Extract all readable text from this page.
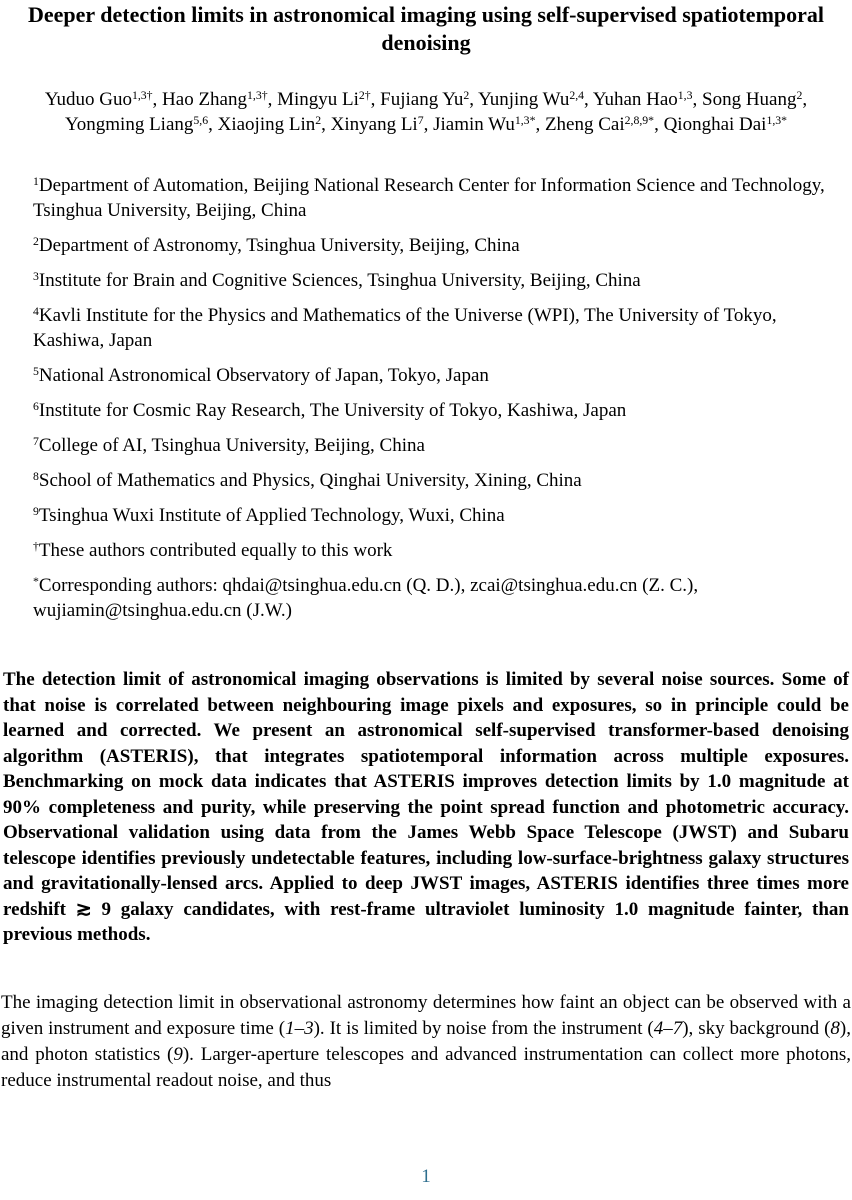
Deeper detection limits in astronomical imaging using self-supervised spatiotemporal denoising

Yuduo Guo$^{1,3\dagger}$, Hao Zhang$^{1,3\dagger}$, Mingyu $Li^{2\dagger}$, Fujiang Yu$^2$, Yunjing Wu$^{2,4}$, Yuhan Hao$^{1,3}$, Song Huang$^2$, Yongming Liang$^{5,6}$, Xiaojing Lin$^2$, Xinyang Li$^7$, Jiamin $Wu^{1,3*}$, Zheng Cai$^{2,8,9*}$, Qionghai Dai$^{1,3*}$

$^1$Department of Automation, Beijing National Research Center for Information Science and Technology, Tsinghua University, Beijing, China

$^2$Department of Astronomy, Tsinghua University, Beijing, China

$^3$Institute for Brain and Cognitive Sciences, Tsinghua University, Beijing, China

$^4$Kavli Institute for the Physics and Mathematics of the Universe (WPI), The University of Tokyo, Kashiwa, Japan

$^5$National Astronomical Observatory of Japan, Tokyo, Japan

$^6$Institute for Cosmic Ray Research, The University of Tokyo, Kashiwa, Japan

$^7$College of AI, Tsinghua University, Beijing, China

$^8$School of Mathematics and Physics, Qinghai University, Xining, China

$^9$Tsinghua Wuxi Institute of Applied Technology, Wuxi, China

†These authors contributed equally to this work

*Corresponding authors: qhdai@tsinghua.edu.cn (Q. D.), zcai@tsinghua.edu.cn (Z. C.), wujiamin@tsinghua.edu.cn (J.W.)

The detection limit of astronomical imaging observations is limited by several noise sources. Some of that noise is correlated between neighbouring image pixels and exposures, so in principle could be learned and corrected. We present an astronomical self-supervised transformer-based denoising algorithm (ASTERIS), that integrates spatiotemporal information across multiple exposures. Benchmarking on mock data indicates that ASTERIS improves detection limits by 1.0 magnitude at 90% completeness and purity, while preserving the point spread function and photometric accuracy. Observational validation using data from the James Webb Space Telescope (JWST) and Subaru telescope identifies previously undetectable features, including low-surface-brightness galaxy structures and gravitationally-lensed arcs. Applied to deep JWST images, ASTERIS identifies three times more redshift ≳ 9 galaxy candidates, with rest-frame ultraviolet luminosity 1.0 magnitude fainter, than previous methods.

The imaging detection limit in observational astronomy determines how faint an object can be observed with a given instrument and exposure time (1–3). It is limited by noise from the instrument (4–7), sky background (8), and photon statistics (9). Larger-aperture telescopes and advanced instrumentation can collect more photons, reduce instrumental readout noise, and thus

1
